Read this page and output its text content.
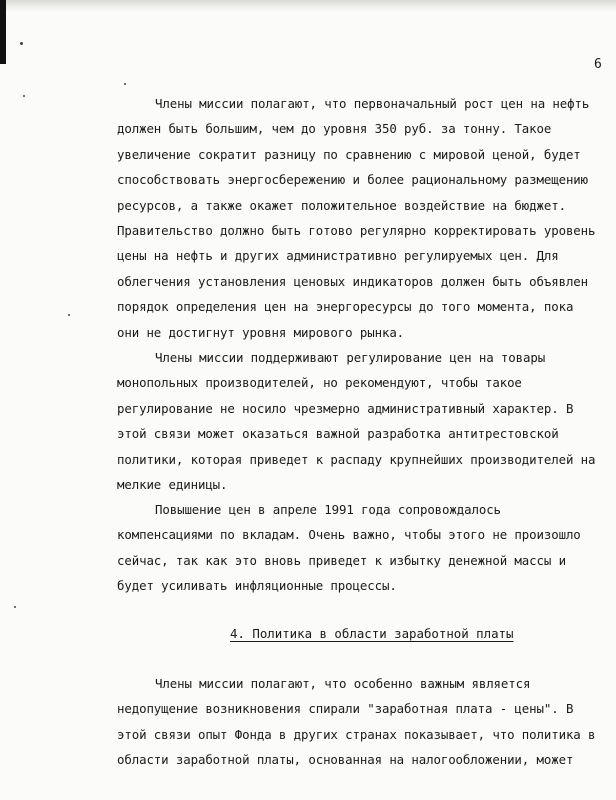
6
Члены миссии полагают, что первоначальный рост цен на нефть
должен быть большим, чем до уровня 350 руб. за тонну. Такое
увеличение сократит разницу по сравнению с мировой ценой, будет
способствовать энергосбережению и более рациональному размещению
ресурсов, а также окажет положительное воздействие на бюджет.
Правительство должно быть готово регулярно корректировать уровень
цены на нефть и других административно регулируемых цен. Для
облегчения установления ценовых индикаторов должен быть объявлен
порядок определения цен на энергоресурсы до того момента, пока
они не достигнут уровня мирового рынка.
Члены миссии поддерживают регулирование цен на товары
монопольных производителей, но рекомендуют, чтобы такое
регулирование не носило чрезмерно административный характер. В
этой связи может оказаться важной разработка антитрестовской
политики, которая приведет к распаду крупнейших производителей на
мелкие единицы.
Повышение цен в апреле 1991 года сопровождалось
компенсациями по вкладам. Очень важно, чтобы этого не произошло
сейчас, так как это вновь приведет к избытку денежной массы и
будет усиливать инфляционные процессы.
4. Политика в области заработной платы
Члены миссии полагают, что особенно важным является
недопущение возникновения спирали "заработная плата - цены". В
этой связи опыт Фонда в других странах показывает, что политика в
области заработной платы, основанная на налогообложении, может
